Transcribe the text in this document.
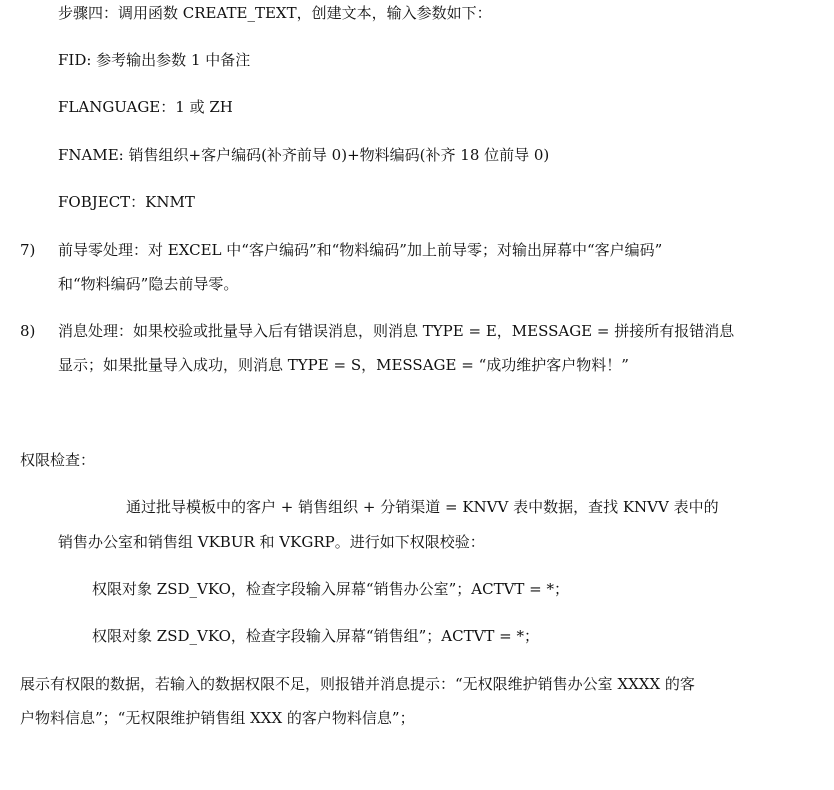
步骤四：调用函数 CREATE_TEXT，创建文本，输入参数如下：
FID: 参考输出参数 1 中备注
FLANGUAGE：1 或 ZH
FNAME: 销售组织+客户编码(补齐前导 0)+物料编码(补齐 18 位前导 0)
FOBJECT：KNMT
7) 前导零处理：对 EXCEL 中“客户编码”和“物料编码”加上前导零；对输出屏幕中“客户编码”
和“物料编码”隐去前导零。
8) 消息处理：如果校验或批量导入后有错误消息，则消息 TYPE = E，MESSAGE = 拼接所有报错消息
显示；如果批量导入成功，则消息 TYPE = S，MESSAGE = “成功维护客户物料！”
权限检查：
通过批导模板中的客户 + 销售组织 + 分销渠道 = KNVV 表中数据，查找 KNVV 表中的
销售办公室和销售组 VKBUR 和 VKGRP。进行如下权限校验：
权限对象 ZSD_VKO，检查字段输入屏幕“销售办公室”；ACTVT = *；
权限对象 ZSD_VKO，检查字段输入屏幕“销售组”；ACTVT = *；
展示有权限的数据，若输入的数据权限不足，则报错并消息提示：“无权限维护销售办公室 XXXX 的客
户物料信息”；“无权限维护销售组 XXX 的客户物料信息”；
